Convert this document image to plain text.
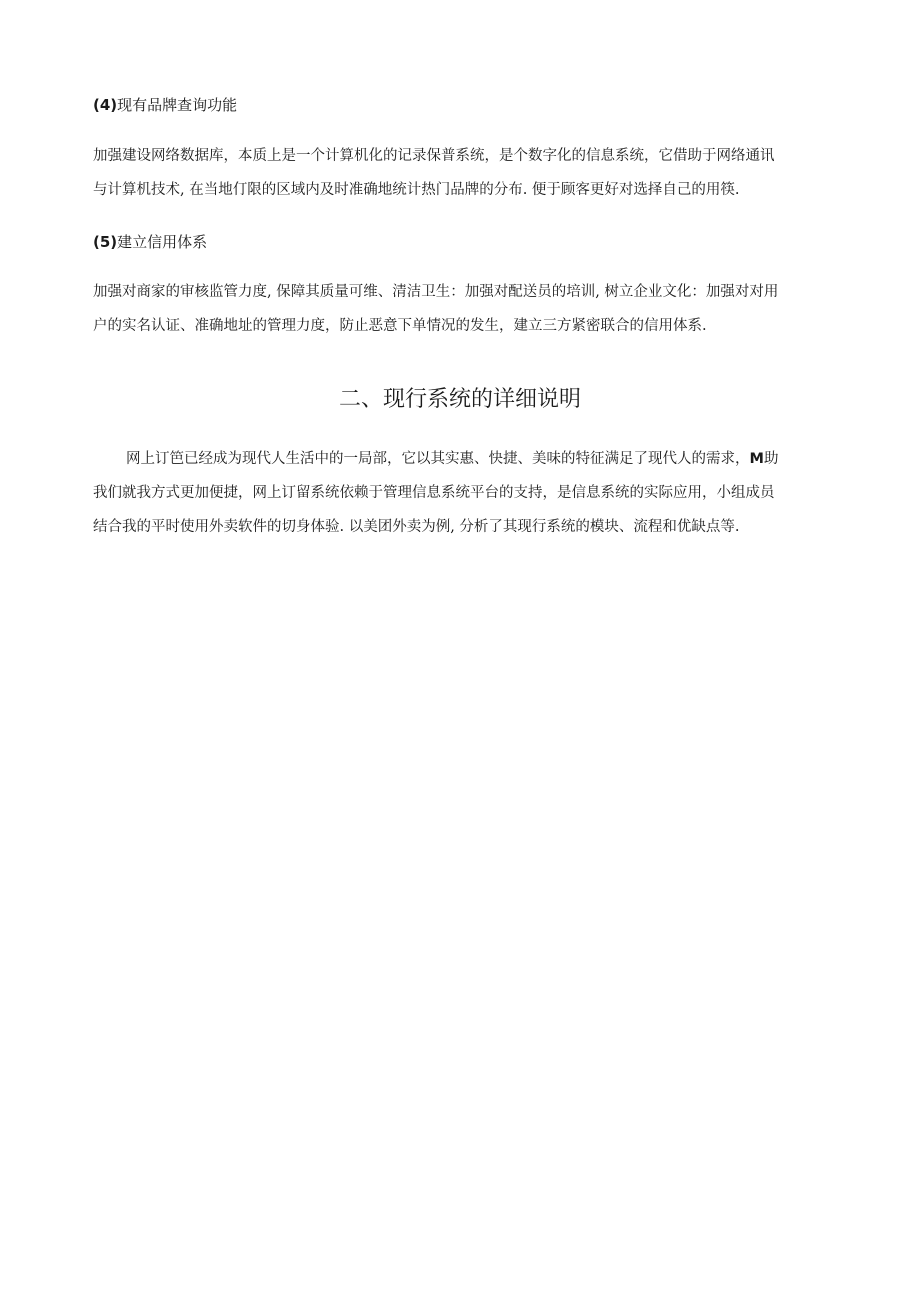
(4)现有品牌查询功能
加强建设网络数据库，本质上是一个计算机化的记录保普系统，是个数字化的信息系统，它借助于网络通讯
与计算机技术, 在当地仃限的区域内及时准确地统计热门品牌的分布. 便于顾客更好对选择自己的用筷.
(5)建立信用体系
加强对商家的审核监管力度, 保障其质量可维、清洁卫生：加强对配送员的培训, 树立企业文化：加强对对用
户的实名认证、准确地址的管理力度，防止恶意下单情况的发生，建立三方紧密联合的信用体系.
二、现行系统的详细说明
网上订笆已经成为现代人生活中的一局部，它以其实惠、快捷、美味的特征满足了现代人的需求，M助
我们就我方式更加便捷，网上订留系统依赖于管理信息系统平台的支持，是信息系统的实际应用，小组成员
结合我的平时使用外卖软件的切身体验. 以美团外卖为例, 分析了其现行系统的模块、流程和优缺点等.
